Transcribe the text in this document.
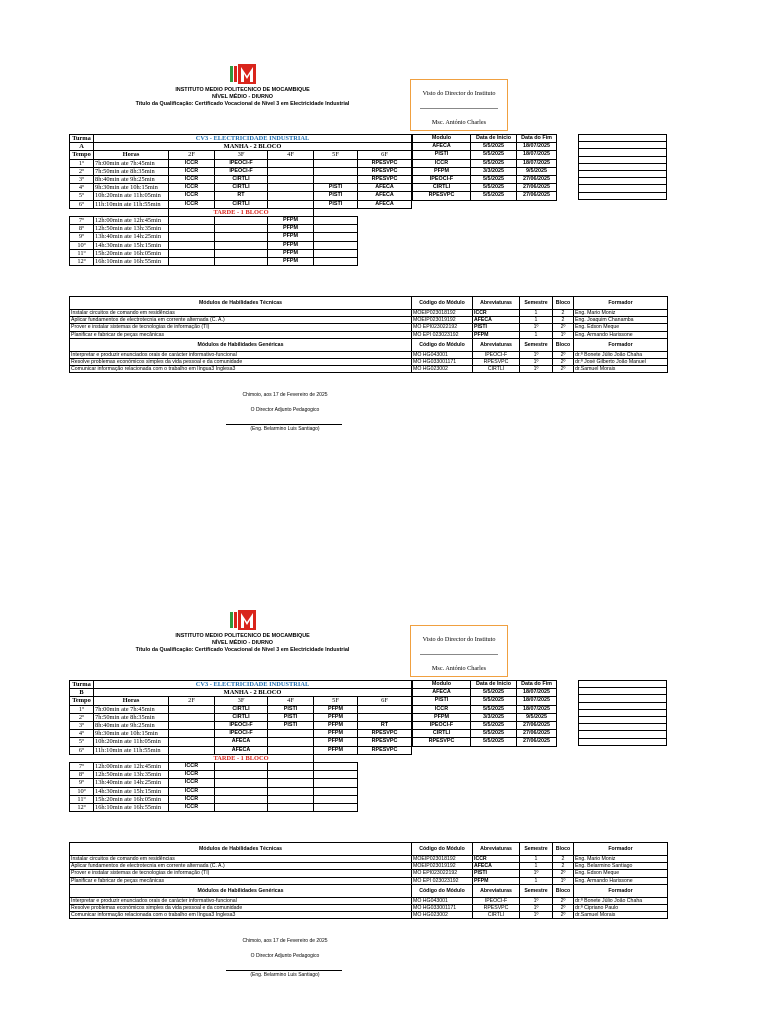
INSTITUTO MEDIO POLITECNICO DE MOCAMBIQUE
NÍVEL MÉDIO - DIURNO
Título da Qualificação: Certificado Vocacional de Nível 3 em Electricidade Industrial
Visto do Director do Instituto
Msc. António Charles
Turma	CV3 - ELECTRICIDADE INDUSTRIAL					
A	MANHA - 2 BLOCO					
Tempo	Horas	2F	3F	4F	5F	6F
1º	7h:00min ate 7h:45min	ICCR	IPEOCI-F			RPESVPC
2º	7h:50min ate 8h:35min	ICCR	IPEOCI-F			RPESVPC
3º	8h:40min ate 9h:25min	ICCR	CIRTLI			RPESVPC
4º	9h:30min ate 10h:15min	ICCR	CIRTLI		PISTI	AFECA
5º	10h:20min ate 11h:05min	ICCR	RT		PISTI	AFECA
6º	11h:10min ate 11h:55min	ICCR	CIRTLI		PISTI	AFECA
		TARDE - 1 BLOCO				
7º	12h:00min ate 12h:45min			PFPM		
8º	12h:50min ate 13h:35min			PFPM		
9º	13h:40min ate 14h:25min			PFPM		
10º	14h:30min ate 15h:15min			PFPM		
11º	15h:20min ate 16h:05min			PFPM		
12º	16h:10min ate 16h:55min			PFPM		
Modulo	Data de Inicio	Data do Fim
AFECA	5/5/2025	18/07/2025
PISTI	5/5/2025	18/07/2025
ICCR	5/5/2025	18/07/2025
PFPM	3/3/2025	9/5/2025
IPEOCI-F	5/5/2025	27/06/2025
CIRTLI	5/5/2025	27/06/2025
RPESVPC	5/5/2025	27/06/2025

Módulos de Habilidades Técnicas	Código do Módulo	Abreviaturas	Semestre	Bloco	Formador
Instalar circuitos de comando em residências	MOEIP023018192	ICCR	1	2	Eng. Mario Moniz
Aplicar fundamentos de electrotecnia em corrente alternada (C. A.)	MOEIP023019192	AFECA	1	2	Eng. Joaquim Chanamba
Prover e instalar sistemas de tecnologias de informação (TI)	MO EPI023022192	PISTI	1º	2º	Eng. Edson Meque
Planificar e fabricar de peças mecânicas	MO EPI 023023192	PFPM	1	1º	Eng. Armando Harissone
Módulos de Habilidades Genéricas	Código do Módulo	Abreviaturas	Semestre	Bloco	Formador
Interpretar e produzir enunciados orais de carácter informativo-funcional	MO HG043001	IPEOCI-F	1º	2º	dr.ª Bonete Júlio João Chaha
Resolve problemas económicos simples da vida pessoal e da comunidade	MO HG033001171	RPESVPC	1º	2º	dr.ª José Gilberto João Manuel
Comunicar informação relacionada com o trabalho em língua3 Inglesa3	MO HG023002	CIRTLI	1º	2º	dr.Samuel Morais
Chimoio, aos 17 de Fevereiro de 2025
O Director Adjunto Pedagogico
(Eng. Belarmino Luis Santiago)
INSTITUTO MEDIO POLITECNICO DE MOCAMBIQUE
NÍVEL MÉDIO - DIURNO
Título da Qualificação: Certificado Vocacional de Nível 3 em Electricidade Industrial
Visto do Director do Instituto
Msc. António Charles
Turma	CV3 - ELECTRICIDADE INDUSTRIAL					
B	MANHA - 2 BLOCO					
Tempo	Horas	2F	3F	4F	5F	6F
1º	7h:00min ate 7h:45min		CIRTLI	PISTI	PFPM	
2º	7h:50min ate 8h:35min		CIRTLI	PISTI	PFPM	
3º	8h:40min ate 9h:25min		IPEOCI-F	PISTI	PFPM	RT
4º	9h:30min ate 10h:15min		IPEOCI-F		PFPM	RPESVPC
5º	10h:20min ate 11h:05min		AFECA		PFPM	RPESVPC
6º	11h:10min ate 11h:55min		AFECA		PFPM	RPESVPC
		TARDE - 1 BLOCO				
7º	12h:00min ate 12h:45min	ICCR				
8º	12h:50min ate 13h:35min	ICCR				
9º	13h:40min ate 14h:25min	ICCR				
10º	14h:30min ate 15h:15min	ICCR				
11º	15h:20min ate 16h:05min	ICCR				
12º	16h:10min ate 16h:55min	ICCR				
Modulo	Data de Inicio	Data do Fim
AFECA	5/5/2025	18/07/2025
PISTI	5/5/2025	18/07/2025
ICCR	5/5/2025	18/07/2025
PFPM	3/3/2025	9/5/2025
IPEOCI-F	5/5/2025	27/06/2025
CIRTLI	5/5/2025	27/06/2025
RPESVPC	5/5/2025	27/06/2025

Módulos de Habilidades Técnicas	Código do Módulo	Abreviaturas	Semestre	Bloco	Formador
Instalar circuitos de comando em residências	MOEIP023018192	ICCR	1	2	Eng. Mario Moniz
Aplicar fundamentos de electrotecnia em corrente alternada (C. A.)	MOEIP023019192	AFECA	1	2	Eng. Belarmino Santiago
Prover e instalar sistemas de tecnologias de informação (TI)	MO EPI023022192	PISTI	1º	2º	Eng. Edson Meque
Planificar e fabricar de peças mecânicas	MO EPI 023023192	PFPM	1	1º	Eng. Armando Harissone
Módulos de Habilidades Genéricas	Código do Módulo	Abreviaturas	Semestre	Bloco	Formador
Interpretar e produzir enunciados orais de carácter informativo-funcional	MO HG043001	IPEOCI-F	1º	2º	dr.ª Bonete Júlio João Chaha
Resolve problemas económicos simples da vida pessoal e da comunidade	MO HG033001171	RPESVPC	1º	2º	dr.ª Cipriano Paulo
Comunicar informação relacionada com o trabalho em língua3 Inglesa3	MO HG023002	CIRTLI	1º	2º	dr.Samuel Morais
Chimoio, aos 17 de Fevereiro de 2025
O Director Adjunto Pedagogico
(Eng. Belarmino Luis Santiago)
